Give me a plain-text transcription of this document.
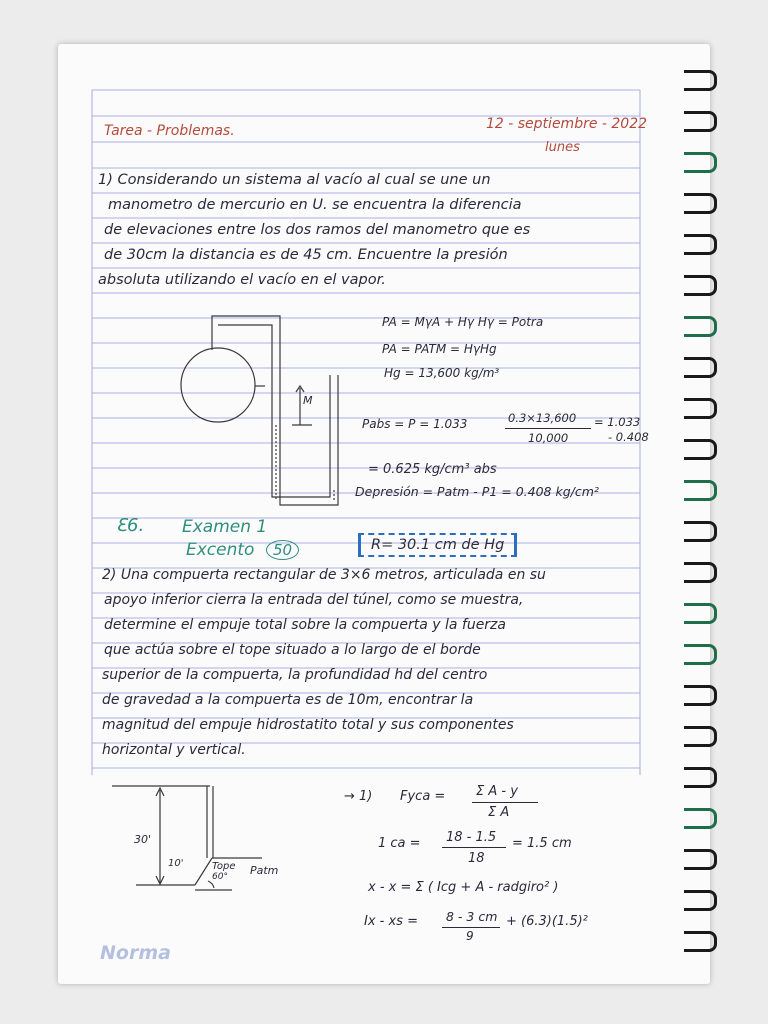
Tarea - Problemas.	12 - septiembre - 2022
lunes
1) Considerando un sistema al vacío al cual se une un
manometro de mercurio en U. se encuentra la diferencia
de elevaciones entre los dos ramos del manometro que es
de 30cm la distancia es de 45 cm. Encuentre la presión
absoluta utilizando el vacío en el vapor.
M
PA = MγA + Hγ Hγ = Potra
PA = PATM = HγHg
Hg = 13,600 kg/m³
Pabs = P = 1.033	0.3×13,600
10,000
= 1.033
- 0.408
= 0.625 kg/cm³ abs
Depresión = Patm - P1 = 0.408 kg/cm²
Ɛ6. Examen 1
Excento	50	R= 30.1 cm de Hg
2) Una compuerta rectangular de 3×6 metros, articulada en su
apoyo inferior cierra la entrada del túnel, como se muestra,
determine el empuje total sobre la compuerta y la fuerza
que actúa sobre el tope situado a lo largo de el borde
superior de la compuerta, la profundidad hd del centro
de gravedad a la compuerta es de 10m, encontrar la
magnitud del empuje hidrostatito total y sus componentes
horizontal y vertical.
30'
10'
60°
Tope Patm
→ 1) Fyca = Σ A - y
Σ A
1 ca = 18 - 1.5
18
= 1.5 cm
x - x = Σ ( Icg + A - radgiro² )
Ix - xs = 8 - 3 cm
9
+ (6.3)(1.5)²
Norma
